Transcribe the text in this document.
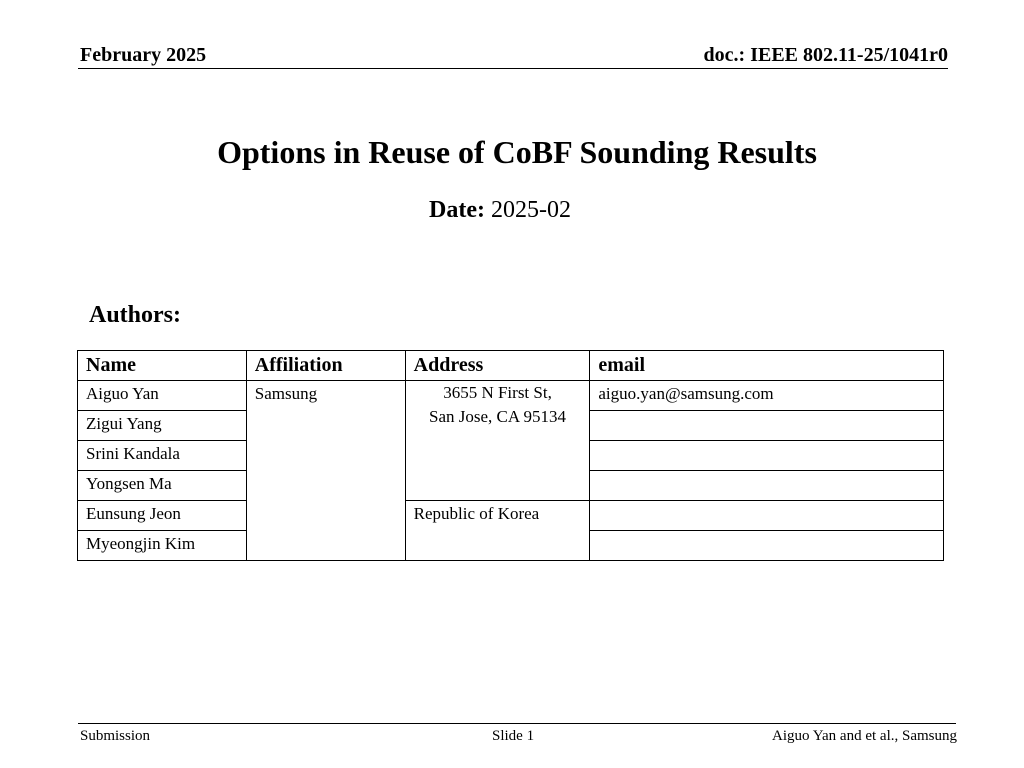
February 2025	doc.: IEEE 802.11-25/1041r0
Options in Reuse of CoBF Sounding Results
Date: 2025-02
Authors:
Name	Affiliation	Address	email
Aiguo Yan	Samsung	3655 N First St,
San Jose, CA 95134	aiguo.yan@samsung.com
Zigui Yang			
Srini Kandala			
Yongsen Ma			
Eunsung Jeon		Republic of Korea	
Myeongjin Kim			
Submission	Slide 1	Aiguo Yan and et al., Samsung
